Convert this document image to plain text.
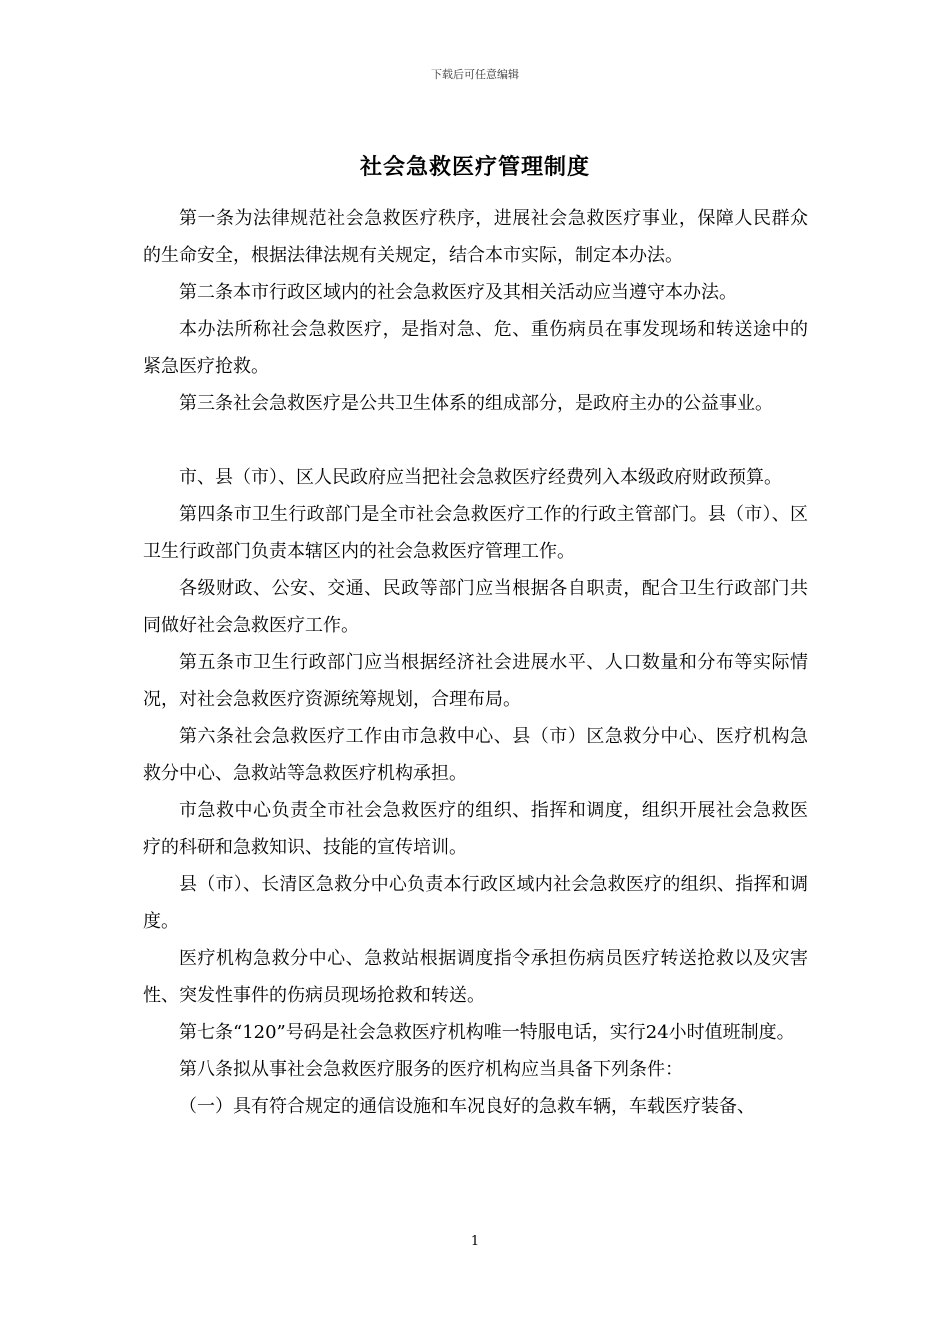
下载后可任意编辑
社会急救医疗管理制度

第一条为法律规范社会急救医疗秩序，进展社会急救医疗事业，保障人民群众的生命安全，根据法律法规有关规定，结合本市实际，制定本办法。

第二条本市行政区域内的社会急救医疗及其相关活动应当遵守本办法。

本办法所称社会急救医疗，是指对急、危、重伤病员在事发现场和转送途中的紧急医疗抢救。

第三条社会急救医疗是公共卫生体系的组成部分，是政府主办的公益事业。

市、县（市）、区人民政府应当把社会急救医疗经费列入本级政府财政预算。

第四条市卫生行政部门是全市社会急救医疗工作的行政主管部门。县（市）、区卫生行政部门负责本辖区内的社会急救医疗管理工作。

各级财政、公安、交通、民政等部门应当根据各自职责，配合卫生行政部门共同做好社会急救医疗工作。

第五条市卫生行政部门应当根据经济社会进展水平、人口数量和分布等实际情况，对社会急救医疗资源统筹规划，合理布局。

第六条社会急救医疗工作由市急救中心、县（市）区急救分中心、医疗机构急救分中心、急救站等急救医疗机构承担。

市急救中心负责全市社会急救医疗的组织、指挥和调度，组织开展社会急救医疗的科研和急救知识、技能的宣传培训。

县（市）、长清区急救分中心负责本行政区域内社会急救医疗的组织、指挥和调度。

医疗机构急救分中心、急救站根据调度指令承担伤病员医疗转送抢救以及灾害性、突发性事件的伤病员现场抢救和转送。

第七条“120”号码是社会急救医疗机构唯一特服电话，实行24小时值班制度。

第八条拟从事社会急救医疗服务的医疗机构应当具备下列条件：

（一）具有符合规定的通信设施和车况良好的急救车辆，车载医疗装备、

1
